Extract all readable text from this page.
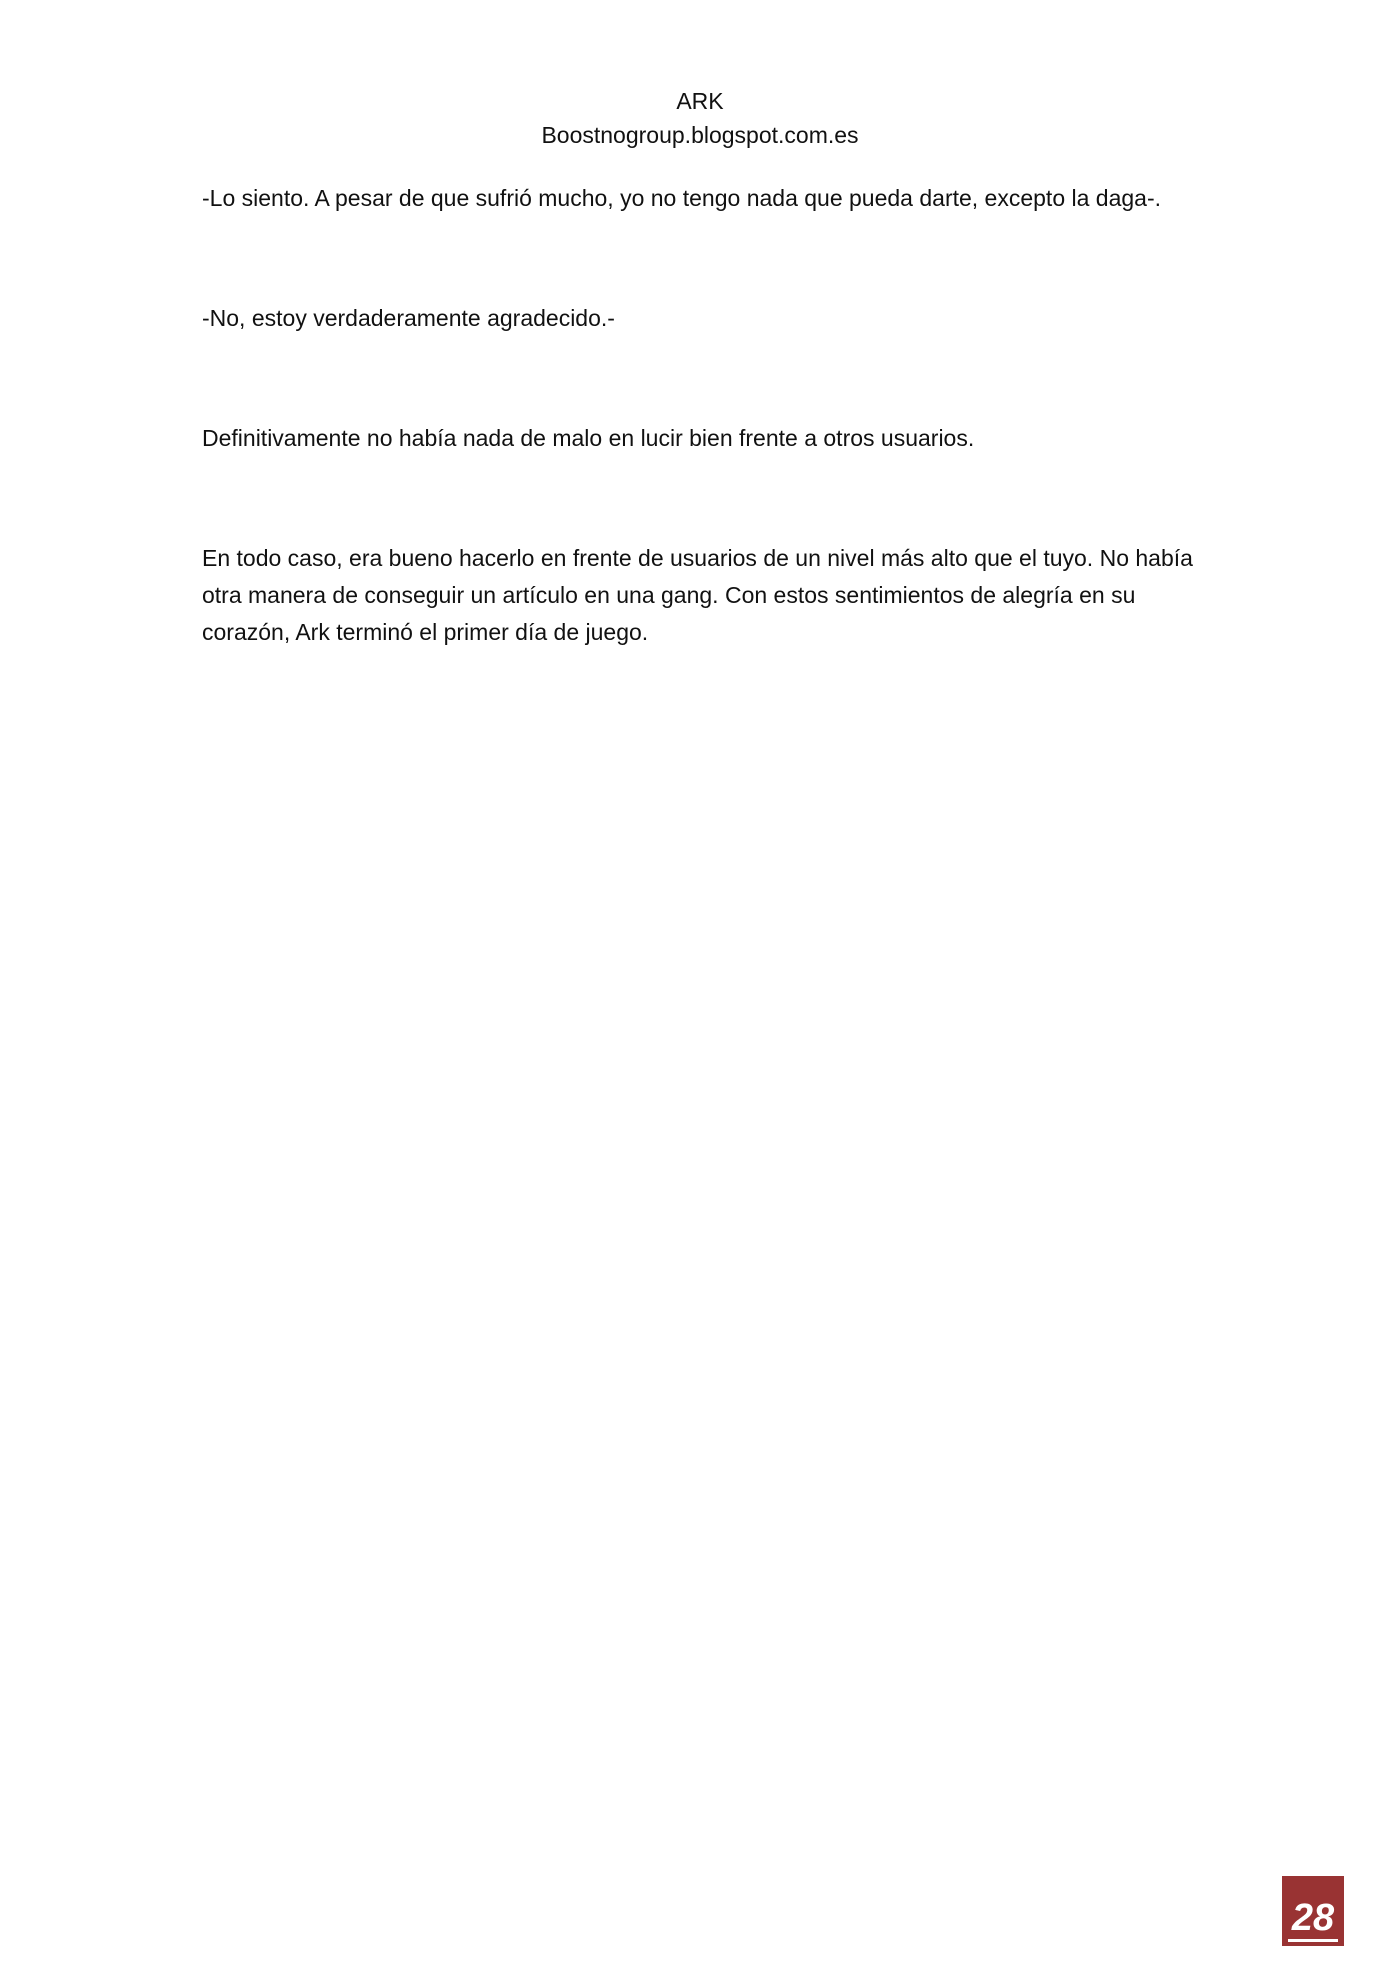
ARK
Boostnogroup.blogspot.com.es

-Lo siento. A pesar de que sufrió mucho, yo no tengo nada que pueda darte, excepto la daga-.

-No, estoy verdaderamente agradecido.-

Definitivamente no había nada de malo en lucir bien frente a otros usuarios.

En todo caso, era bueno hacerlo en frente de usuarios de un nivel más alto que el tuyo. No había otra manera de conseguir un artículo en una gang. Con estos sentimientos de alegría en su corazón, Ark terminó el primer día de juego.

28
